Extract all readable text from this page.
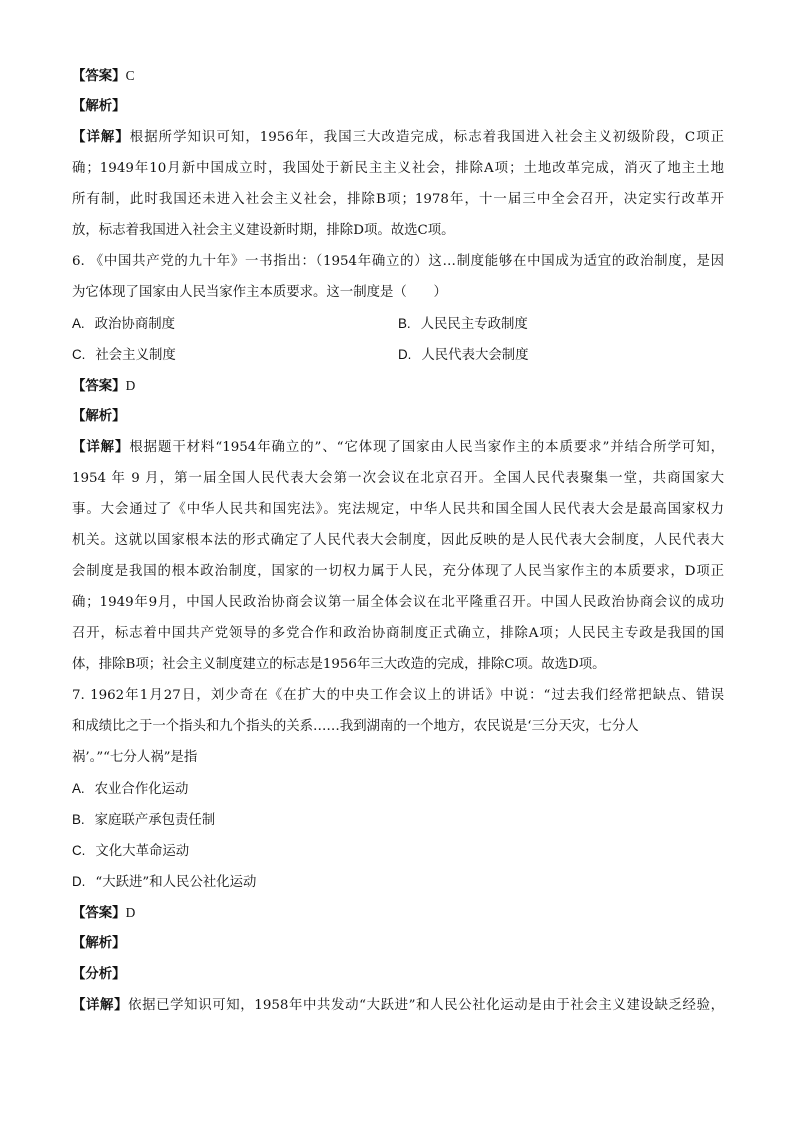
【答案】C
【解析】
【详解】根据所学知识可知，1956年，我国三大改造完成，标志着我国进入社会主义初级阶段，C项正
确；1949年10月新中国成立时，我国处于新民主主义社会，排除A项；土地改革完成，消灭了地主土地
所有制，此时我国还未进入社会主义社会，排除B项；1978年，十一届三中全会召开，决定实行改革开
放，标志着我国进入社会主义建设新时期，排除D项。故选C项。
6. 《中国共产党的九十年》一书指出：（1954年确立的）这…制度能够在中国成为适宜的政治制度，是因
为它体现了国家由人民当家作主本质要求。这一制度是（　　）
A. 政治协商制度	B. 人民民主专政制度
C. 社会主义制度	D. 人民代表大会制度
【答案】D
【解析】
【详解】根据题干材料“1954年确立的”、“它体现了国家由人民当家作主的本质要求”并结合所学可知，
1954 年 9 月，第一届全国人民代表大会第一次会议在北京召开。全国人民代表聚集一堂，共商国家大
事。大会通过了《中华人民共和国宪法》。宪法规定，中华人民共和国全国人民代表大会是最高国家权力
机关。这就以国家根本法的形式确定了人民代表大会制度，因此反映的是人民代表大会制度，人民代表大
会制度是我国的根本政治制度，国家的一切权力属于人民，充分体现了人民当家作主的本质要求，D项正
确；1949年9月，中国人民政治协商会议第一届全体会议在北平隆重召开。中国人民政治协商会议的成功
召开，标志着中国共产党领导的多党合作和政治协商制度正式确立，排除A项；人民民主专政是我国的国
体，排除B项；社会主义制度建立的标志是1956年三大改造的完成，排除C项。故选D项。
7. 1962年1月27日，刘少奇在《在扩大的中央工作会议上的讲话》中说：“过去我们经常把缺点、错误
和成绩比之于一个指头和九个指头的关系……我到湖南的一个地方，农民说是‘三分天灾，七分人
祸’。”“七分人祸”是指
A. 农业合作化运动
B. 家庭联产承包责任制
C. 文化大革命运动
D. “大跃进”和人民公社化运动
【答案】D
【解析】
【分析】
【详解】依据已学知识可知，1958年中共发动“大跃进”和人民公社化运动是由于社会主义建设缺乏经验，
